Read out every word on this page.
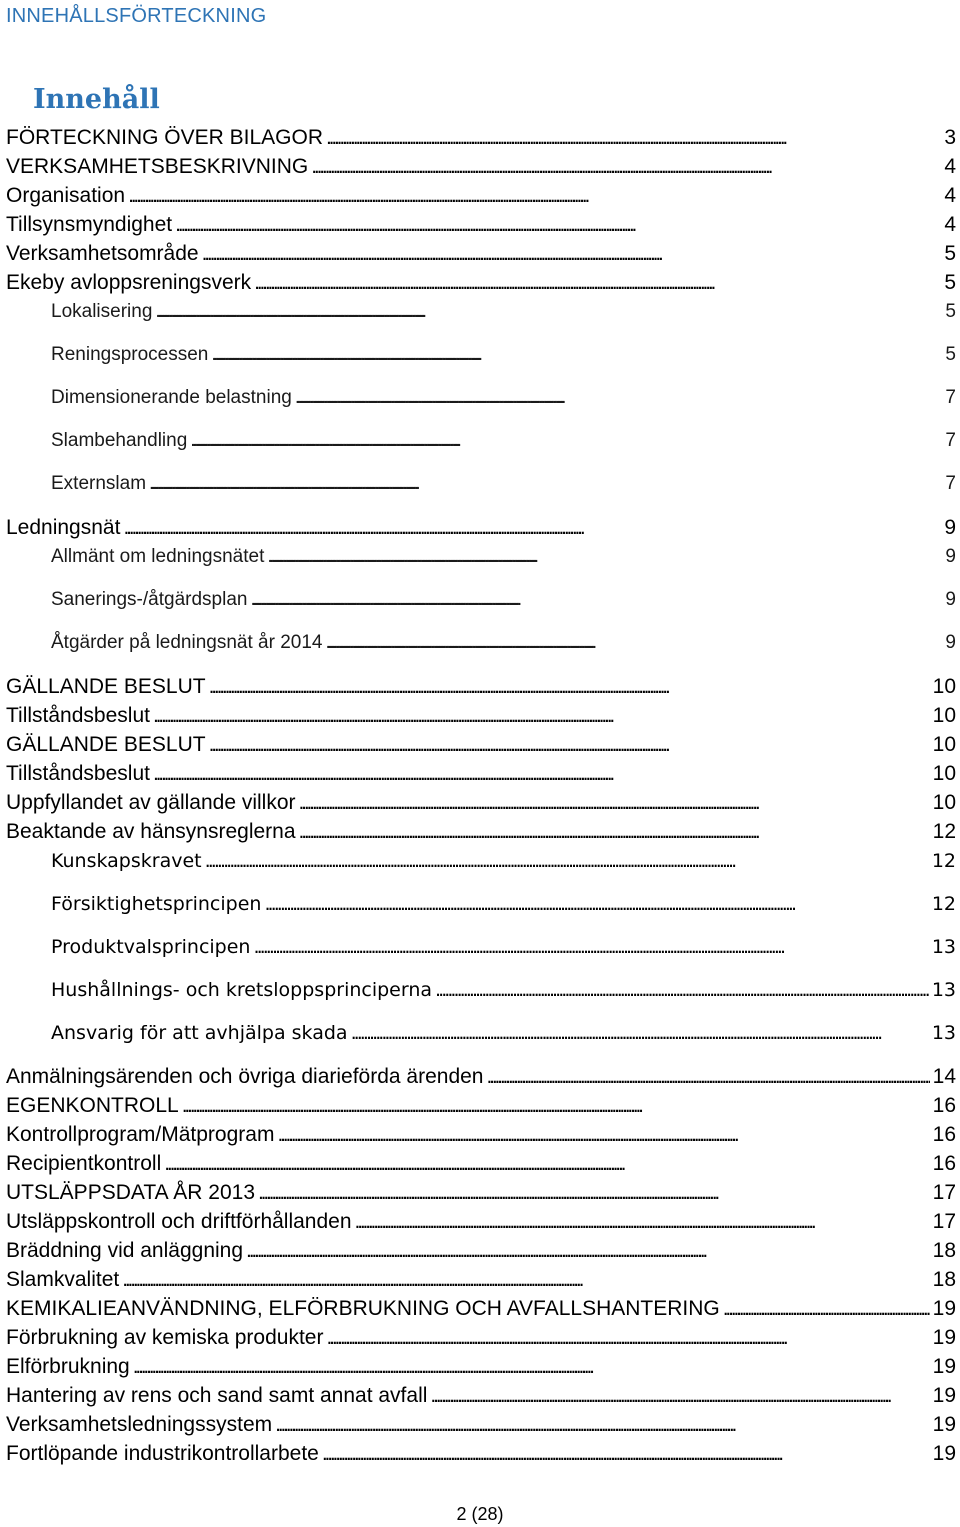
INNEHÅLLSFÖRTECKNING
Innehåll
FÖRTECKNING ÖVER BILAGOR . . .	3
VERKSAMHETSBESKRIVNING . . .	4
Organisation . . .	4
Tillsynsmyndighet . . .	4
Verksamhetsområde . . .	5
Ekeby avloppsreningsverk . . .	5
Lokalisering . . .	5
Reningsprocessen . . .	5
Dimensionerande belastning . . .	7
Slambehandling . . .	7
Externslam . . .	7
Ledningsnät . . .	9
Allmänt om ledningsnätet . . .	9
Sanerings-/åtgärdsplan . . .	9
Åtgärder på ledningsnät år 2014 . . .	9
GÄLLANDE BESLUT . . .	10
Tillståndsbeslut . . .	10
GÄLLANDE BESLUT . . .	10
Tillståndsbeslut . . .	10
Uppfyllandet av gällande villkor . . .	10
Beaktande av hänsynsreglerna . . .	12
Kunskapskravet . . .	12
Försiktighetsprincipen . . .	12
Produktvalsprincipen . . .	13
Hushållnings- och kretsloppsprinciperna . . .	13
Ansvarig för att avhjälpa skada . . .	13
Anmälningsärenden och övriga diarieförda ärenden . . .	14
EGENKONTROLL . . .	16
Kontrollprogram/Mätprogram . . .	16
Recipientkontroll . . .	16
UTSLÄPPSDATA ÅR 2013 . . .	17
Utsläppskontroll och driftförhållanden . . .	17
Bräddning vid anläggning . . .	18
Slamkvalitet . . .	18
KEMIKALIEANVÄNDNING, ELFÖRBRUKNING OCH AVFALLSHANTERING . . .	19
Förbrukning av kemiska produkter . . .	19
Elförbrukning . . .	19
Hantering av rens och sand samt annat avfall . . .	19
Verksamhetsledningssystem . . .	19
Fortlöpande industrikontrollarbete . . .	19
2 (28)
